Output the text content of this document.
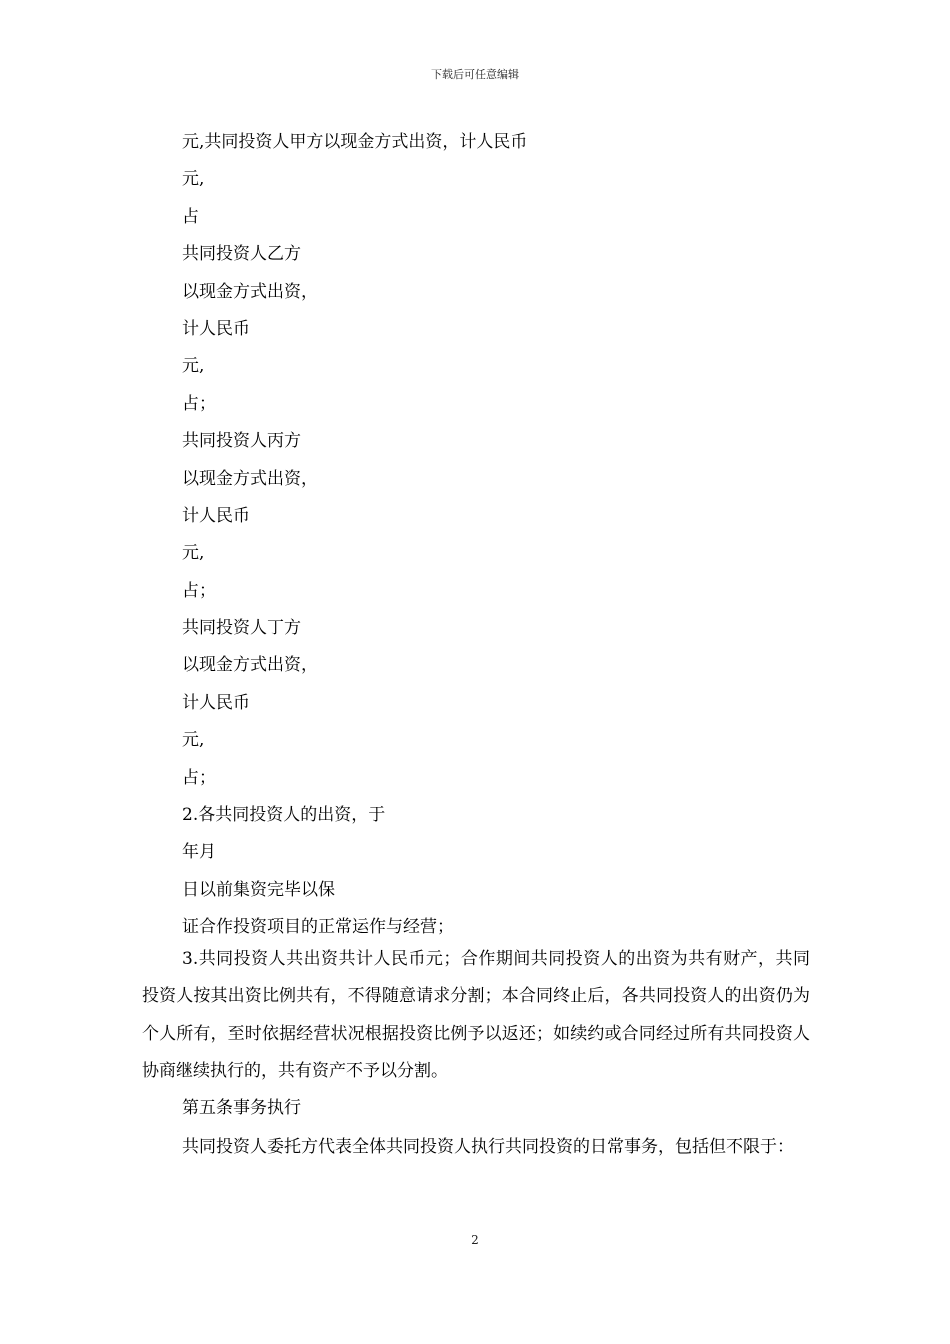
下载后可任意编辑
元,共同投资人甲方以现金方式出资，计人民币
元,
占
共同投资人乙方
以现金方式出资，
计人民币
元,
占；
共同投资人丙方
以现金方式出资，
计人民币
元,
占；
共同投资人丁方
以现金方式出资，
计人民币
元,
占；
2.各共同投资人的出资，于
年月
日以前集资完毕以保
证合作投资项目的正常运作与经营；
3.共同投资人共出资共计人民币元；合作期间共同投资人的出资为共有财产，共同投资人按其出资比例共有，不得随意请求分割；本合同终止后，各共同投资人的出资仍为个人所有，至时依据经营状况根据投资比例予以返还；如续约或合同经过所有共同投资人协商继续执行的，共有资产不予以分割。
第五条事务执行
共同投资人委托方代表全体共同投资人执行共同投资的日常事务，包括但不限于：
2
